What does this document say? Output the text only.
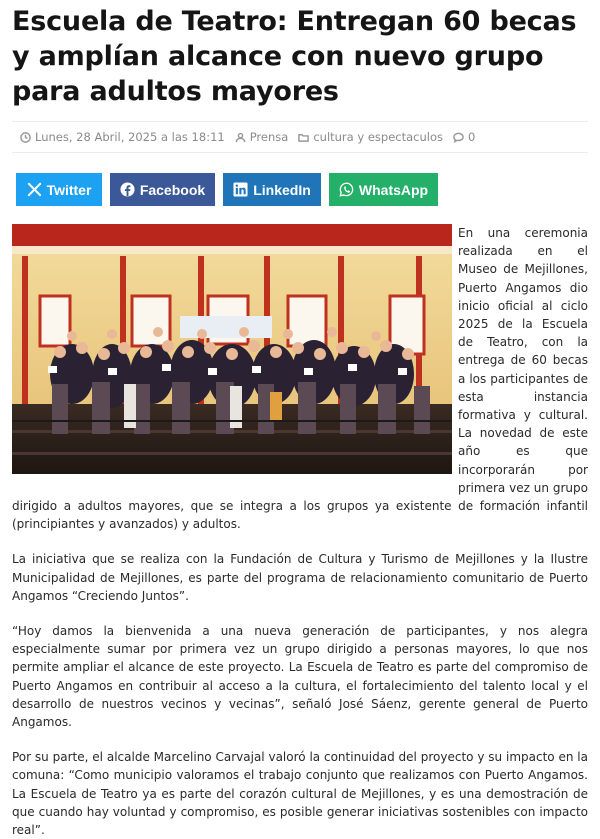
Escuela de Teatro: Entregan 60 becas y amplían alcance con nuevo grupo para adultos mayores
Lunes, 28 Abril, 2025 a las 18:11 Prensa cultura y espectaculos 0
Twitter	Facebook	LinkedIn	WhatsApp

En una ceremonia realizada en el Museo de Mejillones, Puerto Angamos dio inicio oficial al ciclo 2025 de la Escuela de Teatro, con la entrega de 60 becas a los participantes de esta instancia formativa y cultural. La novedad de este año es que incorporarán por primera vez un grupo dirigido a adultos mayores, que se integra a los grupos ya existente de formación infantil (principiantes y avanzados) y adultos.

La iniciativa que se realiza con la Fundación de Cultura y Turismo de Mejillones y la Ilustre Municipalidad de Mejillones, es parte del programa de relacionamiento comunitario de Puerto Angamos “Creciendo Juntos”.

“Hoy damos la bienvenida a una nueva generación de participantes, y nos alegra especialmente sumar por primera vez un grupo dirigido a personas mayores, lo que nos permite ampliar el alcance de este proyecto. La Escuela de Teatro es parte del compromiso de Puerto Angamos en contribuir al acceso a la cultura, el fortalecimiento del talento local y el desarrollo de nuestros vecinos y vecinas”, señaló José Sáenz, gerente general de Puerto Angamos.

Por su parte, el alcalde Marcelino Carvajal valoró la continuidad del proyecto y su impacto en la comuna: “Como municipio valoramos el trabajo conjunto que realizamos con Puerto Angamos. La Escuela de Teatro ya es parte del corazón cultural de Mejillones, y es una demostración de que cuando hay voluntad y compromiso, es posible generar iniciativas sostenibles con impacto real”.
